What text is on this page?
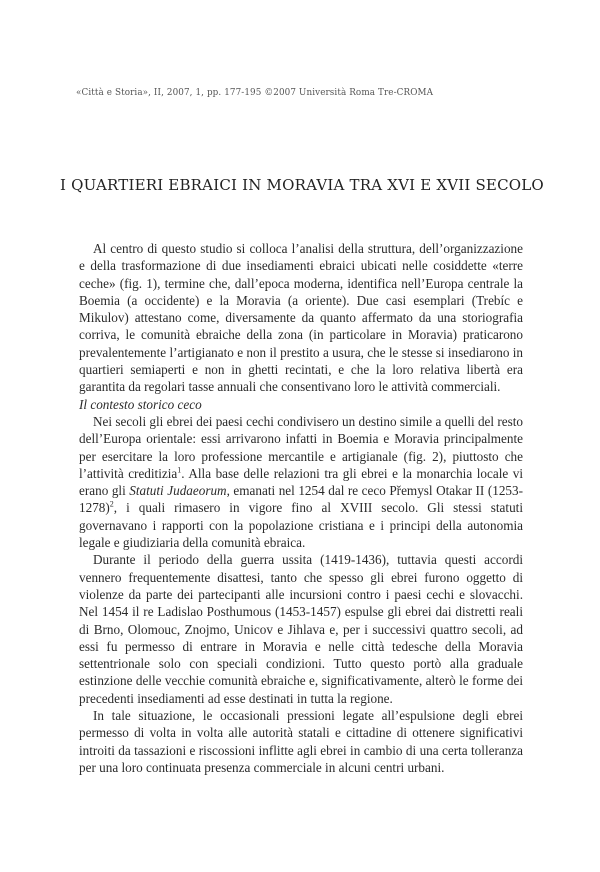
«Città e Storia», II, 2007, 1, pp. 177-195 ©2007 Università Roma Tre-CROMA
I QUARTIERI EBRAICI IN MORAVIA TRA XVI E XVII SECOLO

Al centro di questo studio si colloca l’analisi della struttura, dell’organizzazione e della trasformazione di due insediamenti ebraici ubicati nelle cosiddette «terre ceche» (fig. 1), termine che, dall’epoca moderna, identifica nell’Europa centrale la Boemia (a occidente) e la Moravia (a oriente). Due casi esemplari (Trebíc e Mikulov) attestano come, diversamente da quanto affermato da una storiografia corriva, le comunità ebraiche della zona (in particolare in Moravia) praticarono prevalentemente l’artigianato e non il prestito a usura, che le stesse si insediarono in quartieri semiaperti e non in ghetti recintati, e che la loro relativa libertà era garantita da regolari tasse annuali che consentivano loro le attività commerciali.

Il contesto storico ceco

Nei secoli gli ebrei dei paesi cechi condivisero un destino simile a quelli del resto dell’Europa orientale: essi arrivarono infatti in Boemia e Moravia principalmente per esercitare la loro professione mercantile e artigianale (fig. 2), piuttosto che l’attività creditizia$^1$. Alla base delle relazioni tra gli ebrei e la monarchia locale vi erano gli Statuti Judaeorum, emanati nel 1254 dal re ceco Přemysl Otakar II (1253-1278)$^2$, i quali rimasero in vigore fino al XVIII secolo. Gli stessi statuti governavano i rapporti con la popolazione cristiana e i principi della autonomia legale e giudiziaria della comunità ebraica.

Durante il periodo della guerra ussita (1419-1436), tuttavia questi accordi vennero frequentemente disattesi, tanto che spesso gli ebrei furono oggetto di violenze da parte dei partecipanti alle incursioni contro i paesi cechi e slovacchi. Nel 1454 il re Ladislao Posthumous (1453-1457) espulse gli ebrei dai distretti reali di Brno, Olomouc, Znojmo, Unicov e Jihlava e, per i successivi quattro secoli, ad essi fu permesso di entrare in Moravia e nelle città tedesche della Moravia settentrionale solo con speciali condizioni. Tutto questo portò alla graduale estinzione delle vecchie comunità ebraiche e, significativamente, alterò le forme dei precedenti insediamenti ad esse destinati in tutta la regione.

In tale situazione, le occasionali pressioni legate all’espulsione degli ebrei permesso di volta in volta alle autorità statali e cittadine di ottenere significativi introiti da tassazioni e riscossioni inflitte agli ebrei in cambio di una certa tolleranza per una loro continuata presenza commerciale in alcuni centri urbani.
